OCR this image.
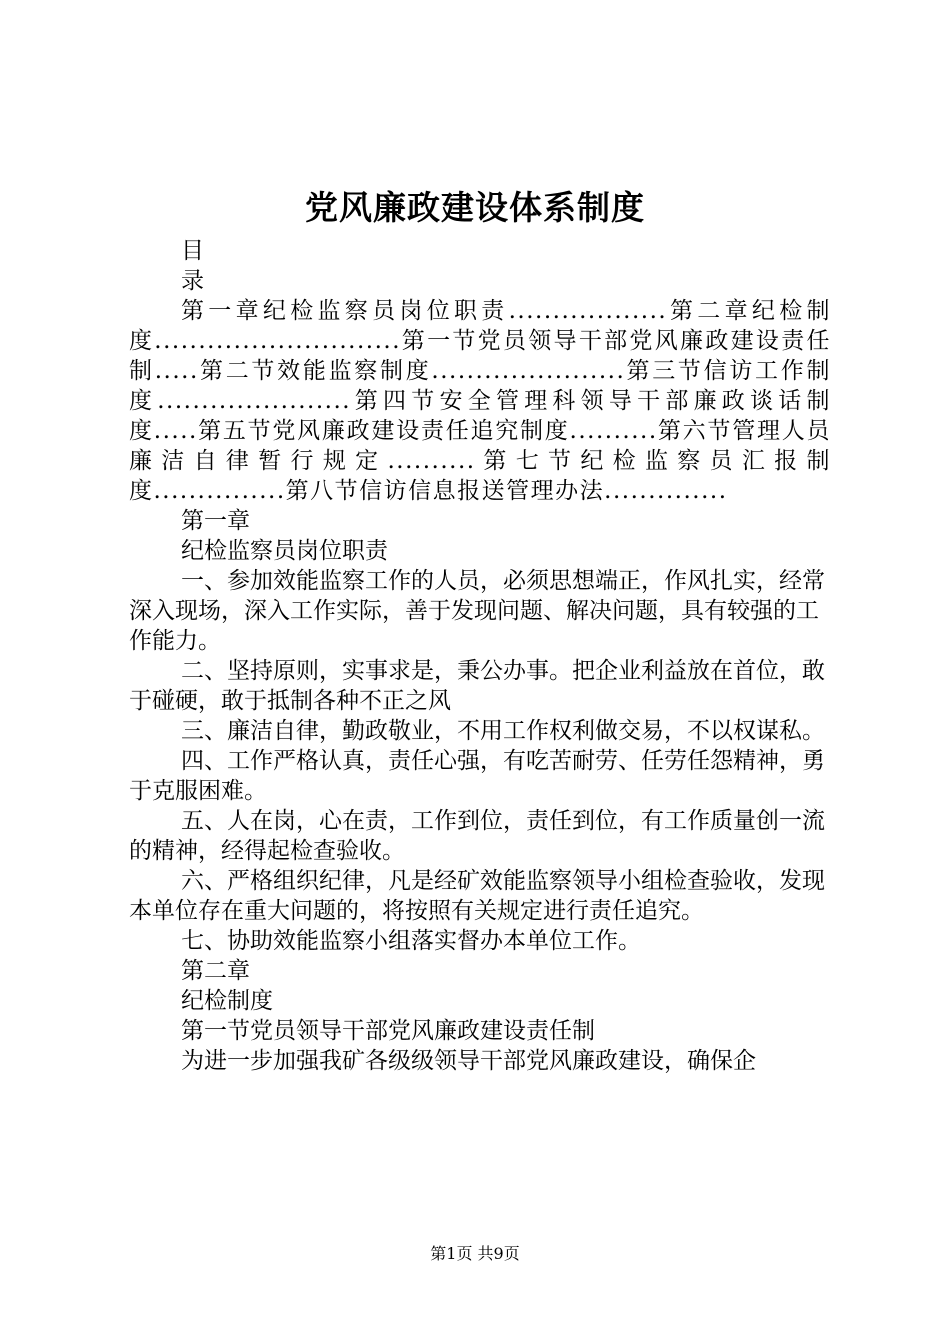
党风廉政建设体系制度

目

录

第一章纪检监察员岗位职责..................第二章纪检制度............................第一节党员领导干部党风廉政建设责任制.....第二节效能监察制度......................第三节信访工作制度......................第四节安全管理科领导干部廉政谈话制度.....第五节党风廉政建设责任追究制度..........第六节管理人员廉洁自律暂行规定..........第七节纪检监察员汇报制度...............第八节信访信息报送管理办法..............

第一章

纪检监察员岗位职责

一、参加效能监察工作的人员，必须思想端正，作风扎实，经常深入现场，深入工作实际，善于发现问题、解决问题，具有较强的工作能力。

二、坚持原则，实事求是，秉公办事。把企业利益放在首位，敢于碰硬，敢于抵制各种不正之风

三、廉洁自律，勤政敬业，不用工作权利做交易，不以权谋私。

四、工作严格认真，责任心强，有吃苦耐劳、任劳任怨精神，勇于克服困难。

五、人在岗，心在责，工作到位，责任到位，有工作质量创一流的精神，经得起检查验收。

六、严格组织纪律，凡是经矿效能监察领导小组检查验收，发现本单位存在重大问题的，将按照有关规定进行责任追究。

七、协助效能监察小组落实督办本单位工作。

第二章

纪检制度

第一节党员领导干部党风廉政建设责任制

为进一步加强我矿各级级领导干部党风廉政建设，确保企

第1页 共9页
